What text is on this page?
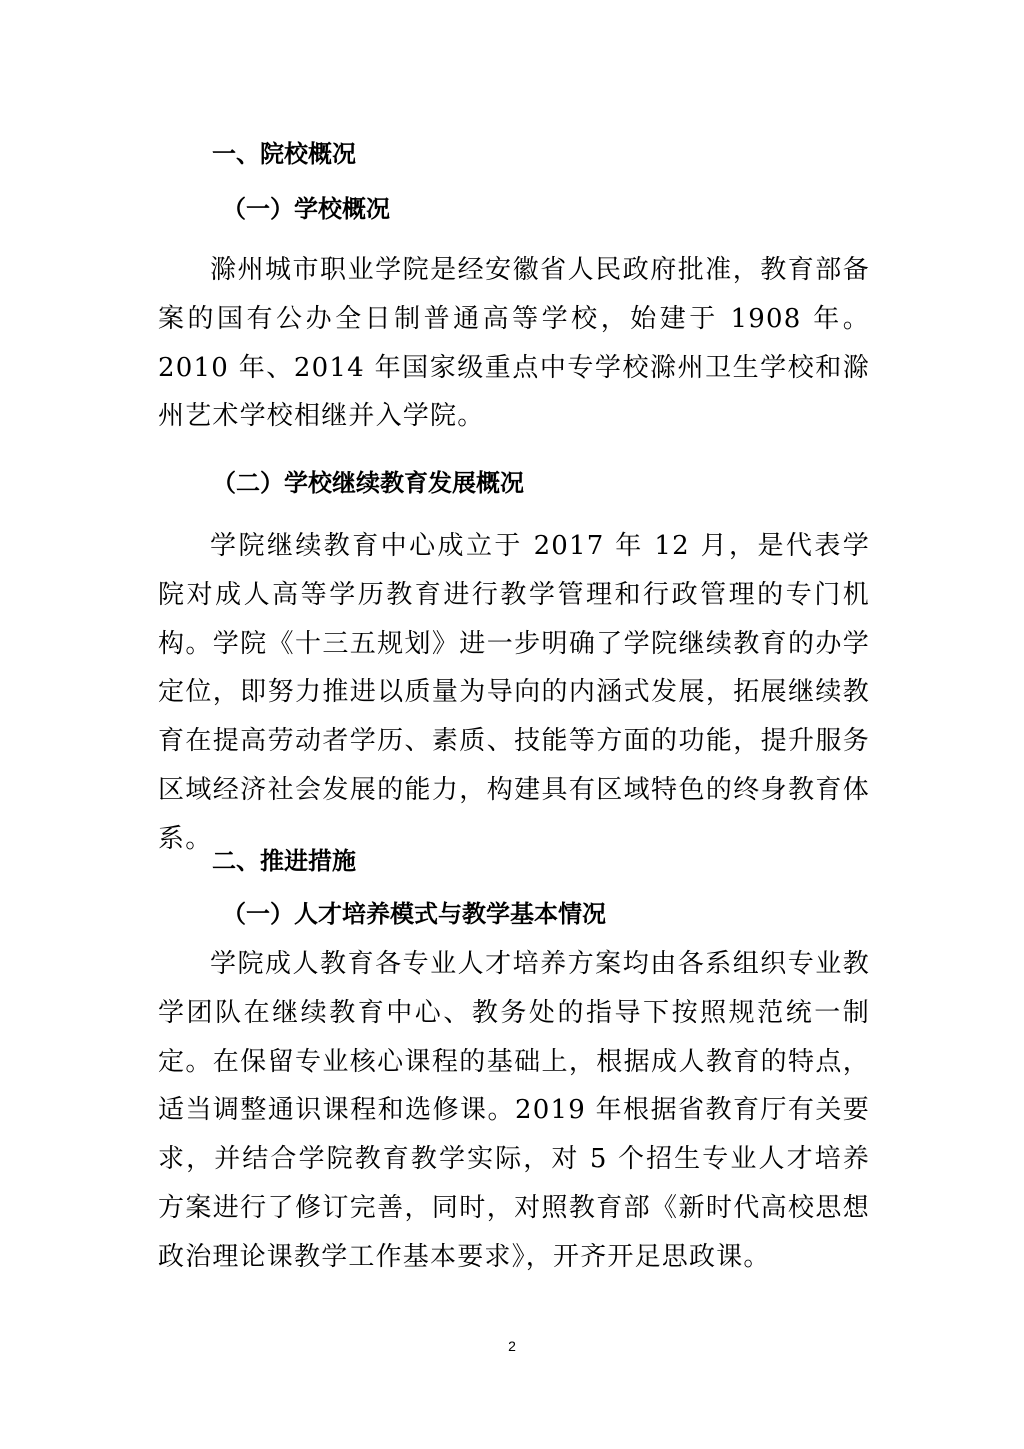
一、院校概况
（一）学校概况

滁州城市职业学院是经安徽省人民政府批准，教育部备案的国有公办全日制普通高等学校，始建于 1908 年。2010 年、2014 年国家级重点中专学校滁州卫生学校和滁州艺术学校相继并入学院。

（二）学校继续教育发展概况

学院继续教育中心成立于 2017 年 12 月，是代表学院对成人高等学历教育进行教学管理和行政管理的专门机构。学院《十三五规划》进一步明确了学院继续教育的办学定位，即努力推进以质量为导向的内涵式发展，拓展继续教育在提高劳动者学历、素质、技能等方面的功能，提升服务区域经济社会发展的能力，构建具有区域特色的终身教育体系。

二、推进措施
（一）人才培养模式与教学基本情况

学院成人教育各专业人才培养方案均由各系组织专业教学团队在继续教育中心、教务处的指导下按照规范统一制定。在保留专业核心课程的基础上，根据成人教育的特点，适当调整通识课程和选修课。2019 年根据省教育厅有关要求，并结合学院教育教学实际，对 5 个招生专业人才培养方案进行了修订完善，同时，对照教育部《新时代高校思想政治理论课教学工作基本要求》，开齐开足思政课。

2
